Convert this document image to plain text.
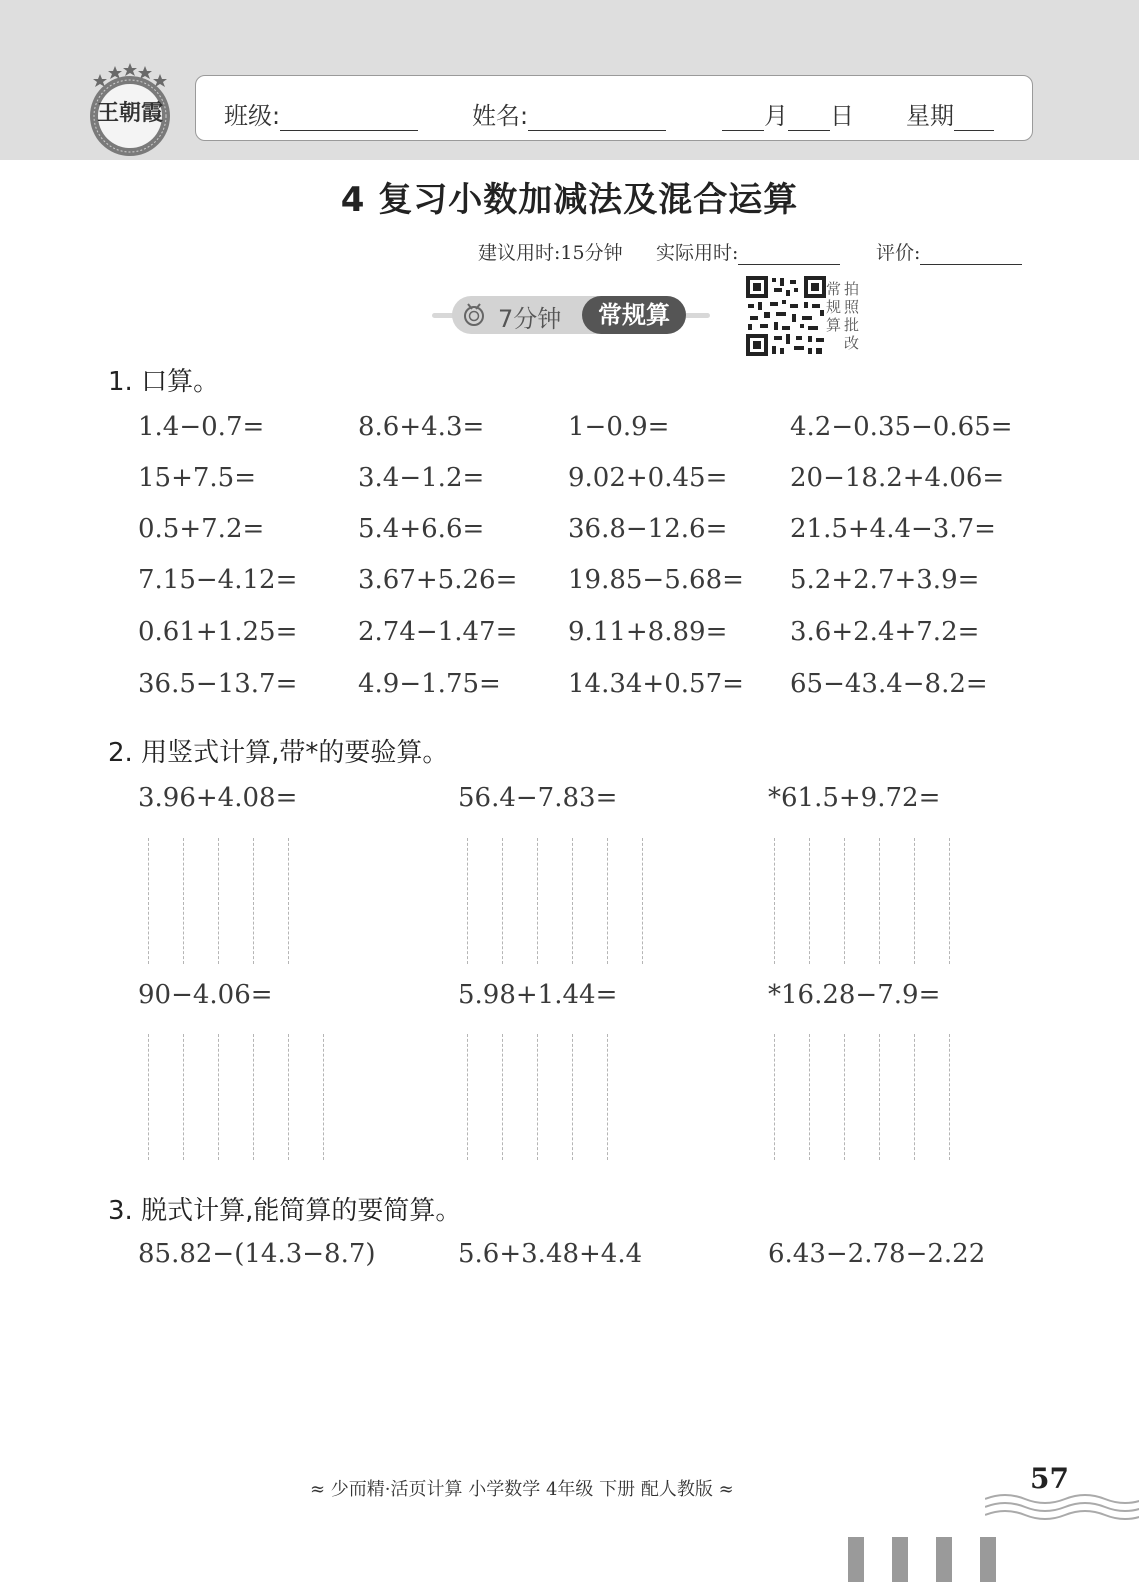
王朝霞	班级:	姓名:	月 日 星期
4 复习小数加减法及混合运算
建议用时:15分钟 实际用时:	评价:
7分钟	常规算
常规算
拍照批改
1. 口算。
1.4−0.7=	8.6+4.3=	1−0.9=	4.2−0.35−0.65=
15+7.5=	3.4−1.2=	9.02+0.45= 20−18.2+4.06=
0.5+7.2=	5.4+6.6=	36.8−12.6= 21.5+4.4−3.7=
7.15−4.12= 3.67+5.26= 19.85−5.68= 5.2+2.7+3.9=
0.61+1.25= 2.74−1.47= 9.11+8.89= 3.6+2.4+7.2=
36.5−13.7= 4.9−1.75=	14.34+0.57= 65−43.4−8.2=
2. 用竖式计算,带*的要验算。
3.96+4.08=	56.4−7.83=	*61.5+9.72=
90−4.06=	5.98+1.44=	*16.28−7.9=
3. 脱式计算,能简算的要简算。
85.82−(14.3−8.7)	5.6+3.48+4.4	6.43−2.78−2.22
≈ 少而精·活页计算 小学数学 4年级 下册 配人教版 ≈	57
